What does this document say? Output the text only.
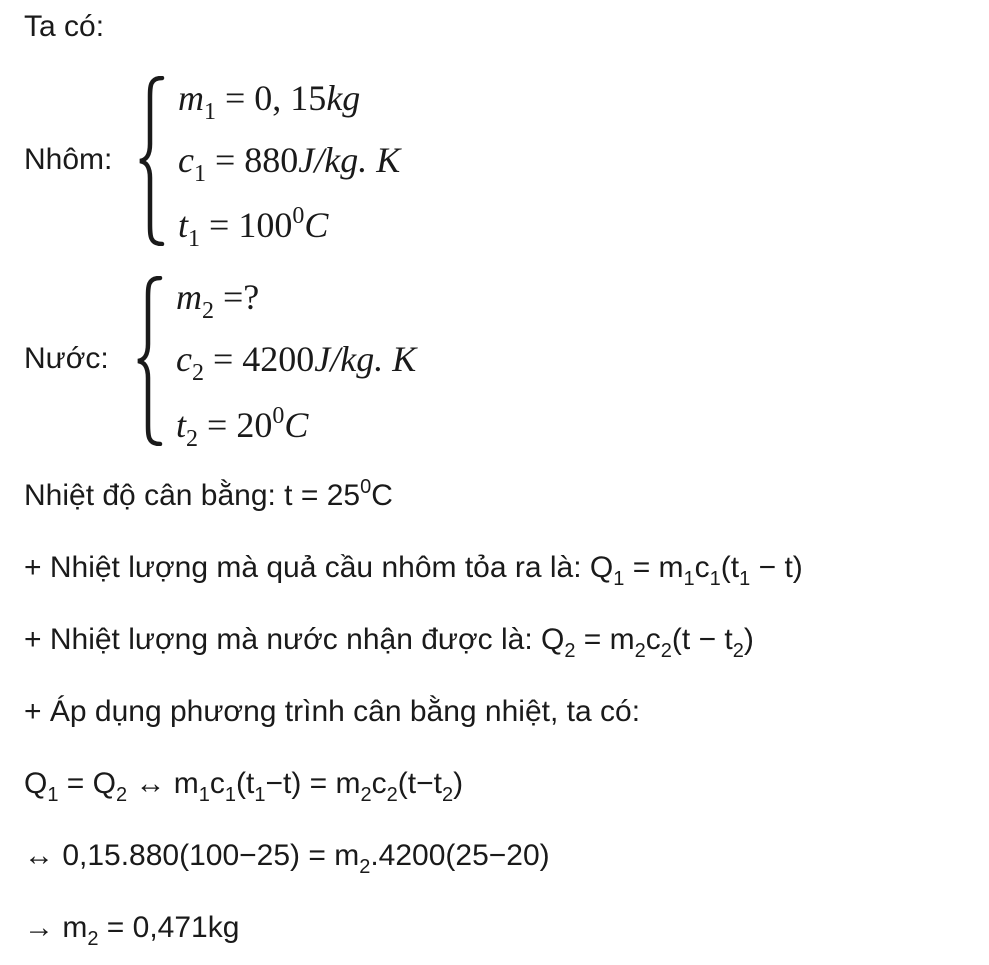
Ta có:
Nhôm:
$m_1 = 0$, 15kg
$c_1 = 880J/kg$. K
$t_1 = 100^0C$
Nước:
$m_2$ =?
$c_2 = 4200J/kg$. K
$t_2 = 20^0C$
Nhiệt độ cân bằng: $t = 25^0C$
+ Nhiệt lượng mà quả cầu nhôm tỏa ra là: $Q_1 = m_1c_1(t_1 - t)$
+ Nhiệt lượng mà nước nhận được là: $Q_2 = m_2c_2(t - t_2)$
+ Áp dụng phương trình cân bằng nhiệt, ta có:
$Q_1 = Q_2$ ↔ $m_1c_1(t_1-t) = m_2c_2(t-t_2)$
↔ $0,15.880(100-25) = m_2.4200(25-20)$
→ $m_2 = 0,471kg$
